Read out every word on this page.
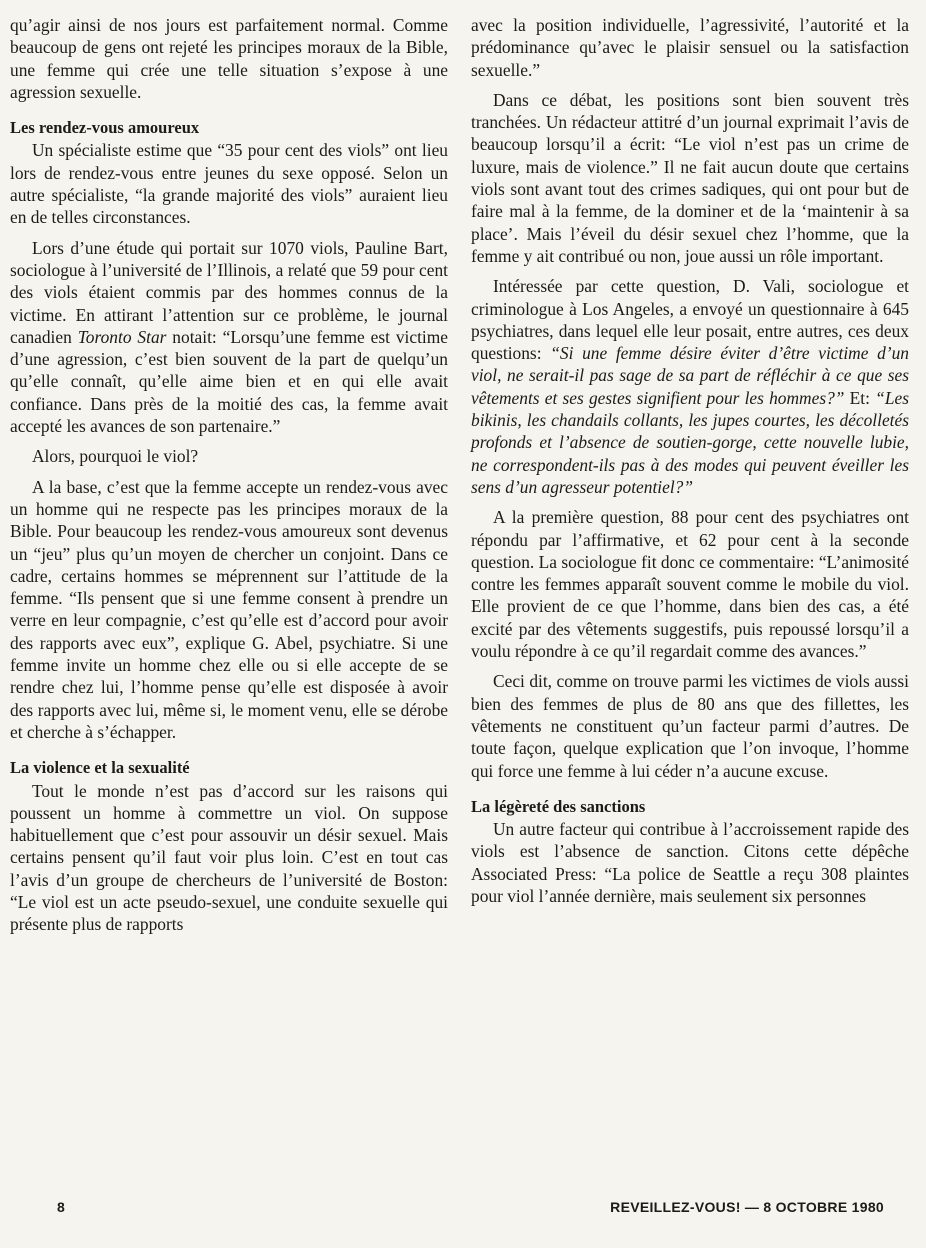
qu’agir ainsi de nos jours est parfaitement normal. Comme beaucoup de gens ont rejeté les principes moraux de la Bible, une femme qui crée une telle situation s’expose à une agression sexuelle.

Les rendez-vous amoureux

Un spécialiste estime que “35 pour cent des viols” ont lieu lors de rendez-vous entre jeunes du sexe opposé. Selon un autre spécialiste, “la grande majorité des viols” auraient lieu en de telles circonstances.

Lors d’une étude qui portait sur 1070 viols, Pauline Bart, sociologue à l’université de l’Illinois, a relaté que 59 pour cent des viols étaient commis par des hommes connus de la victime. En attirant l’attention sur ce problème, le journal canadien Toronto Star notait: “Lorsqu’une femme est victime d’une agression, c’est bien souvent de la part de quelqu’un qu’elle connaît, qu’elle aime bien et en qui elle avait confiance. Dans près de la moitié des cas, la femme avait accepté les avances de son partenaire.”

Alors, pourquoi le viol?

A la base, c’est que la femme accepte un rendez-vous avec un homme qui ne respecte pas les principes moraux de la Bible. Pour beaucoup les rendez-vous amoureux sont devenus un “jeu” plus qu’un moyen de chercher un conjoint. Dans ce cadre, certains hommes se méprennent sur l’attitude de la femme. “Ils pensent que si une femme consent à prendre un verre en leur compagnie, c’est qu’elle est d’accord pour avoir des rapports avec eux”, explique G. Abel, psychiatre. Si une femme invite un homme chez elle ou si elle accepte de se rendre chez lui, l’homme pense qu’elle est disposée à avoir des rapports avec lui, même si, le moment venu, elle se dérobe et cherche à s’échapper.

La violence et la sexualité

Tout le monde n’est pas d’accord sur les raisons qui poussent un homme à commettre un viol. On suppose habituellement que c’est pour assouvir un désir sexuel. Mais certains pensent qu’il faut voir plus loin. C’est en tout cas l’avis d’un groupe de chercheurs de l’université de Boston: “Le viol est un acte pseudo-sexuel, une conduite sexuelle qui présente plus de rapports

avec la position individuelle, l’agressivité, l’autorité et la prédominance qu’avec le plaisir sensuel ou la satisfaction sexuelle.”

Dans ce débat, les positions sont bien souvent très tranchées. Un rédacteur attitré d’un journal exprimait l’avis de beaucoup lorsqu’il a écrit: “Le viol n’est pas un crime de luxure, mais de violence.” Il ne fait aucun doute que certains viols sont avant tout des crimes sadiques, qui ont pour but de faire mal à la femme, de la dominer et de la ‘maintenir à sa place’. Mais l’éveil du désir sexuel chez l’homme, que la femme y ait contribué ou non, joue aussi un rôle important.

Intéressée par cette question, D. Vali, sociologue et criminologue à Los Angeles, a envoyé un questionnaire à 645 psychiatres, dans lequel elle leur posait, entre autres, ces deux questions: “Si une femme désire éviter d’être victime d’un viol, ne serait-il pas sage de sa part de réfléchir à ce que ses vêtements et ses gestes signifient pour les hommes?” Et: “Les bikinis, les chandails collants, les jupes courtes, les décolletés profonds et l’absence de soutien-gorge, cette nouvelle lubie, ne correspondent-ils pas à des modes qui peuvent éveiller les sens d’un agresseur potentiel?”

A la première question, 88 pour cent des psychiatres ont répondu par l’affirmative, et 62 pour cent à la seconde question. La sociologue fit donc ce commentaire: “L’animosité contre les femmes apparaît souvent comme le mobile du viol. Elle provient de ce que l’homme, dans bien des cas, a été excité par des vêtements suggestifs, puis repoussé lorsqu’il a voulu répondre à ce qu’il regardait comme des avances.”

Ceci dit, comme on trouve parmi les victimes de viols aussi bien des femmes de plus de 80 ans que des fillettes, les vêtements ne constituent qu’un facteur parmi d’autres. De toute façon, quelque explication que l’on invoque, l’homme qui force une femme à lui céder n’a aucune excuse.

La légèreté des sanctions

Un autre facteur qui contribue à l’accroissement rapide des viols est l’absence de sanction. Citons cette dépêche Associated Press: “La police de Seattle a reçu 308 plaintes pour viol l’année dernière, mais seulement six personnes

8	REVEILLEZ-VOUS! — 8 OCTOBRE 1980
